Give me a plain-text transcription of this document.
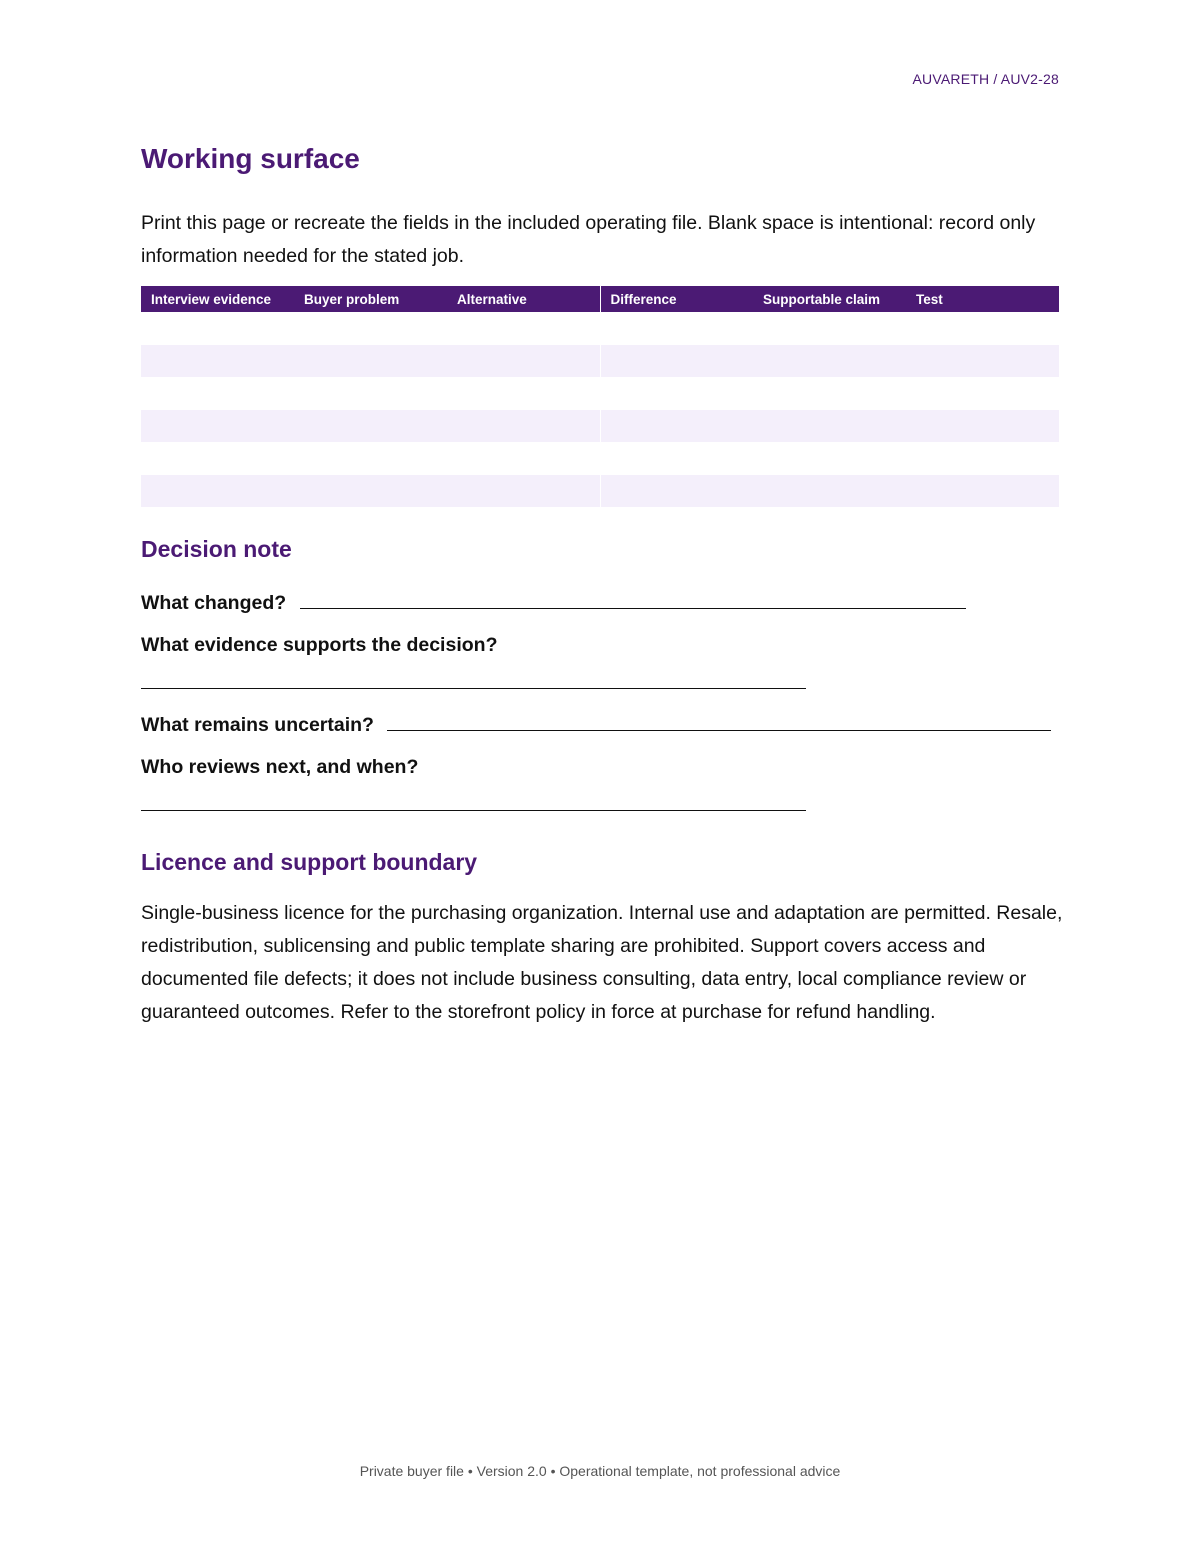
AUVARETH / AUV2-28
Working surface

Print this page or recreate the fields in the included operating file. Blank space is intentional: record only information needed for the stated job.

Interview evidence	Buyer problem	Alternative	Difference	Supportable claim	Test

Decision note
What changed?
What evidence supports the decision?
What remains uncertain?
Who reviews next, and when?
Licence and support boundary

Single-business licence for the purchasing organization. Internal use and adaptation are permitted. Resale, redistribution, sublicensing and public template sharing are prohibited. Support covers access and documented file defects; it does not include business consulting, data entry, local compliance review or guaranteed outcomes. Refer to the storefront policy in force at purchase for refund handling.

Private buyer file • Version 2.0 • Operational template, not professional advice
